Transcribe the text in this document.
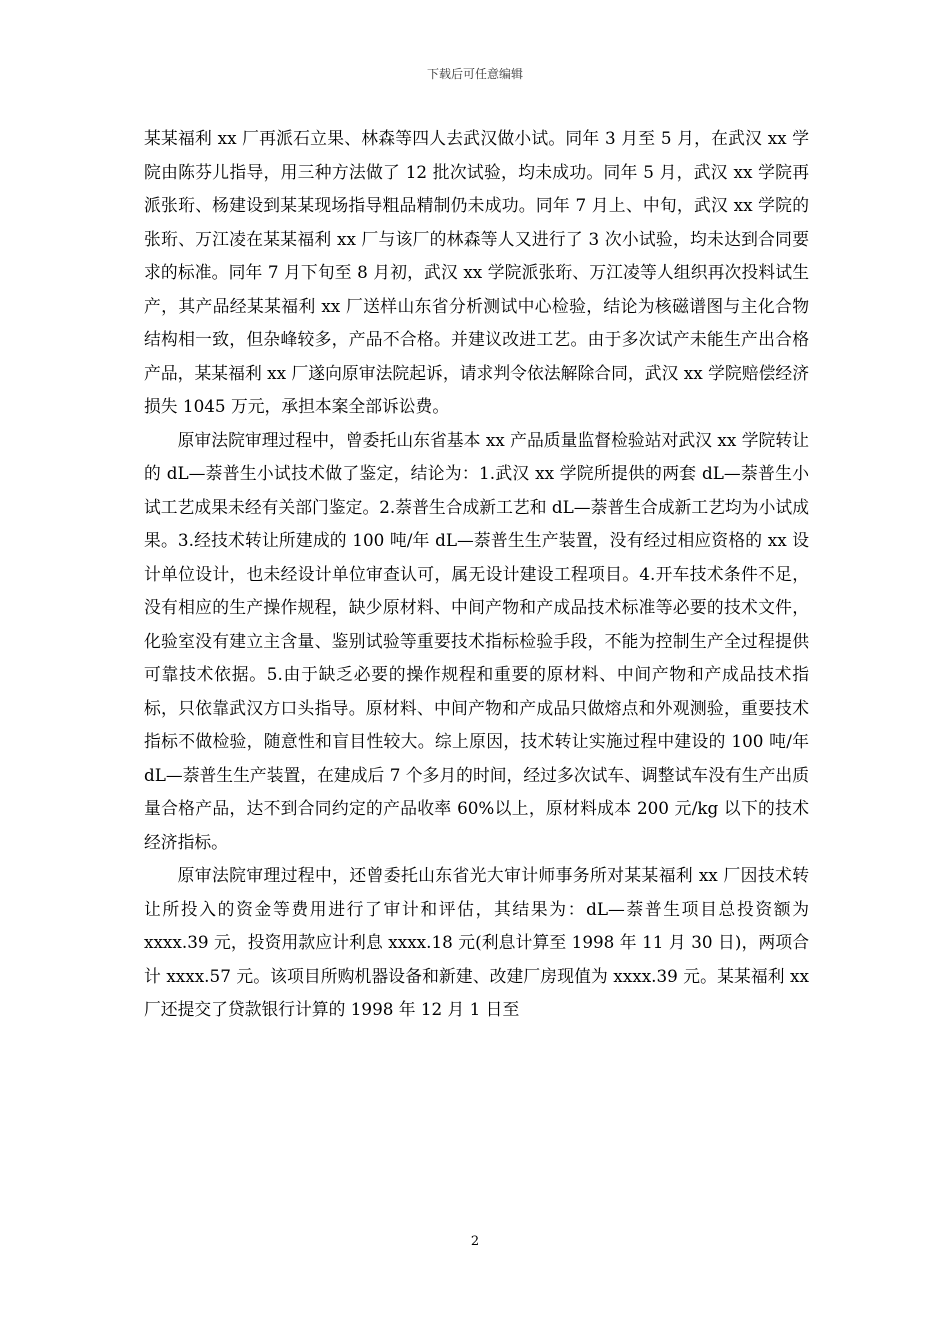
下载后可任意编辑

某某福利 xx 厂再派石立果、林森等四人去武汉做小试。同年 3 月至 5 月，在武汉 xx 学院由陈芬儿指导，用三种方法做了 12 批次试验，均未成功。同年 5 月，武汉 xx 学院再派张珩、杨建设到某某现场指导粗品精制仍未成功。同年 7 月上、中旬，武汉 xx 学院的张珩、万江凌在某某福利 xx 厂与该厂的林森等人又进行了 3 次小试验，均未达到合同要求的标准。同年 7 月下旬至 8 月初，武汉 xx 学院派张珩、万江凌等人组织再次投料试生产，其产品经某某福利 xx 厂送样山东省分析测试中心检验，结论为核磁谱图与主化合物结构相一致，但杂峰较多，产品不合格。并建议改进工艺。由于多次试产未能生产出合格产品，某某福利 xx 厂遂向原审法院起诉，请求判令依法解除合同，武汉 xx 学院赔偿经济损失 1045 万元，承担本案全部诉讼费。

原审法院审理过程中，曾委托山东省基本 xx 产品质量监督检验站对武汉 xx 学院转让的 dL—萘普生小试技术做了鉴定，结论为：1.武汉 xx 学院所提供的两套 dL—萘普生小试工艺成果未经有关部门鉴定。2.萘普生合成新工艺和 dL—萘普生合成新工艺均为小试成果。3.经技术转让所建成的 100 吨/年 dL—萘普生生产装置，没有经过相应资格的 xx 设计单位设计，也未经设计单位审查认可，属无设计建设工程项目。4.开车技术条件不足，没有相应的生产操作规程，缺少原材料、中间产物和产成品技术标准等必要的技术文件，化验室没有建立主含量、鉴别试验等重要技术指标检验手段，不能为控制生产全过程提供可靠技术依据。5.由于缺乏必要的操作规程和重要的原材料、中间产物和产成品技术指标，只依靠武汉方口头指导。原材料、中间产物和产成品只做熔点和外观测验，重要技术指标不做检验，随意性和盲目性较大。综上原因，技术转让实施过程中建设的 100 吨/年 dL—萘普生生产装置，在建成后 7 个多月的时间，经过多次试车、调整试车没有生产出质量合格产品，达不到合同约定的产品收率 60%以上，原材料成本 200 元/kg 以下的技术经济指标。

原审法院审理过程中，还曾委托山东省光大审计师事务所对某某福利 xx 厂因技术转让所投入的资金等费用进行了审计和评估，其结果为：dL—萘普生项目总投资额为 xxxx.39 元，投资用款应计利息 xxxx.18 元(利息计算至 1998 年 11 月 30 日)，两项合计 xxxx.57 元。该项目所购机器设备和新建、改建厂房现值为 xxxx.39 元。某某福利 xx 厂还提交了贷款银行计算的 1998 年 12 月 1 日至

2
